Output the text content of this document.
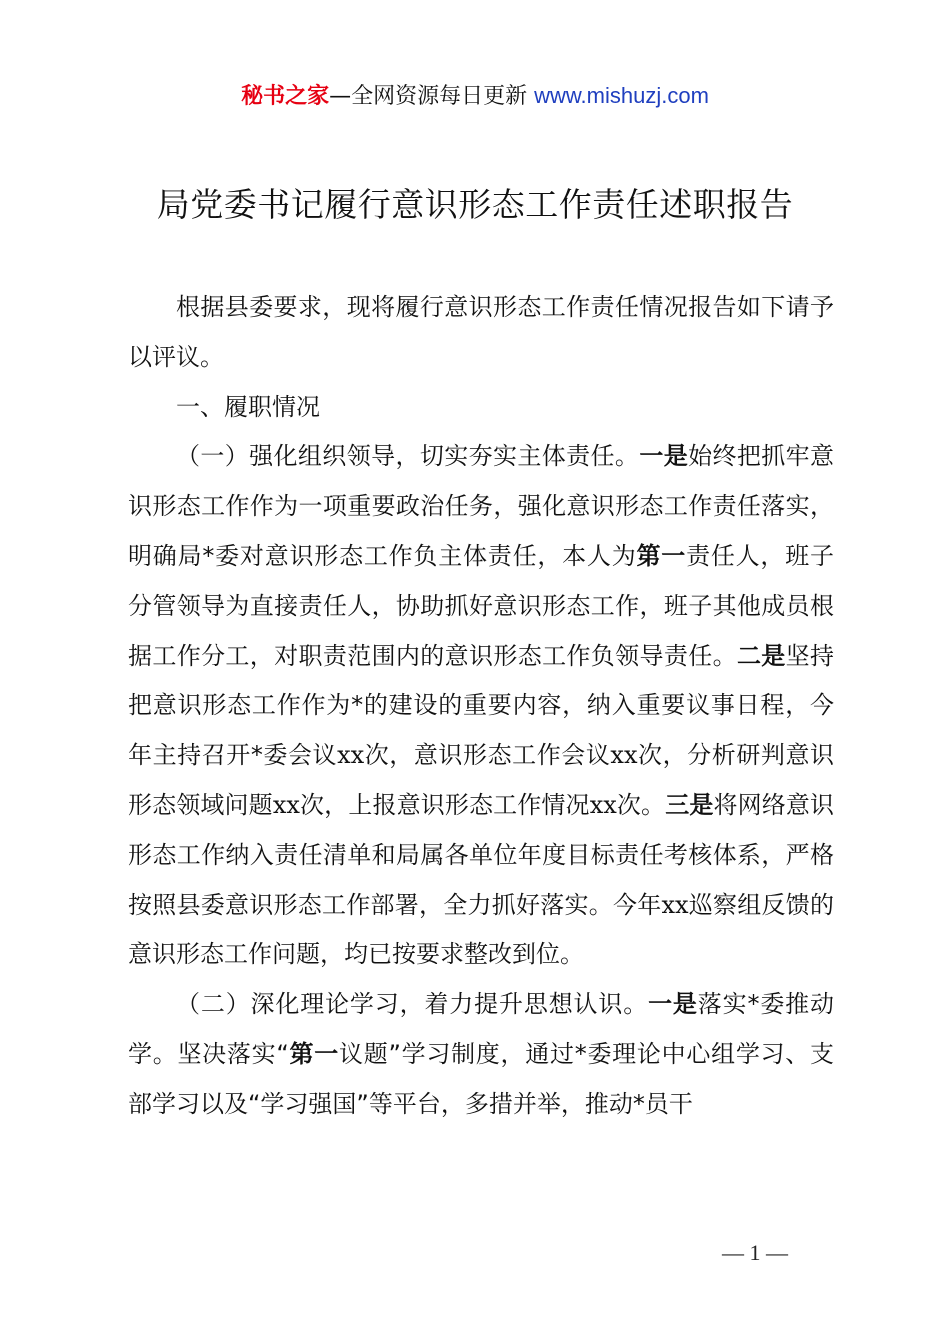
秘书之家—全网资源每日更新 www.mishuzj.com
局党委书记履行意识形态工作责任述职报告

根据县委要求，现将履行意识形态工作责任情况报告如下请予以评议。

一、履职情况

（一）强化组织领导，切实夯实主体责任。一是始终把抓牢意识形态工作作为一项重要政治任务，强化意识形态工作责任落实，明确局*委对意识形态工作负主体责任，本人为第一责任人，班子分管领导为直接责任人，协助抓好意识形态工作，班子其他成员根据工作分工，对职责范围内的意识形态工作负领导责任。二是坚持把意识形态工作作为*的建设的重要内容，纳入重要议事日程，今年主持召开*委会议xx次，意识形态工作会议xx次，分析研判意识形态领域问题xx次，上报意识形态工作情况xx次。三是将网络意识形态工作纳入责任清单和局属各单位年度目标责任考核体系，严格按照县委意识形态工作部署，全力抓好落实。今年xx巡察组反馈的意识形态工作问题，均已按要求整改到位。

（二）深化理论学习，着力提升思想认识。一是落实*委推动学。坚决落实“第一议题”学习制度，通过*委理论中心组学习、支部学习以及“学习强国”等平台，多措并举，推动*员干

— 1 —
